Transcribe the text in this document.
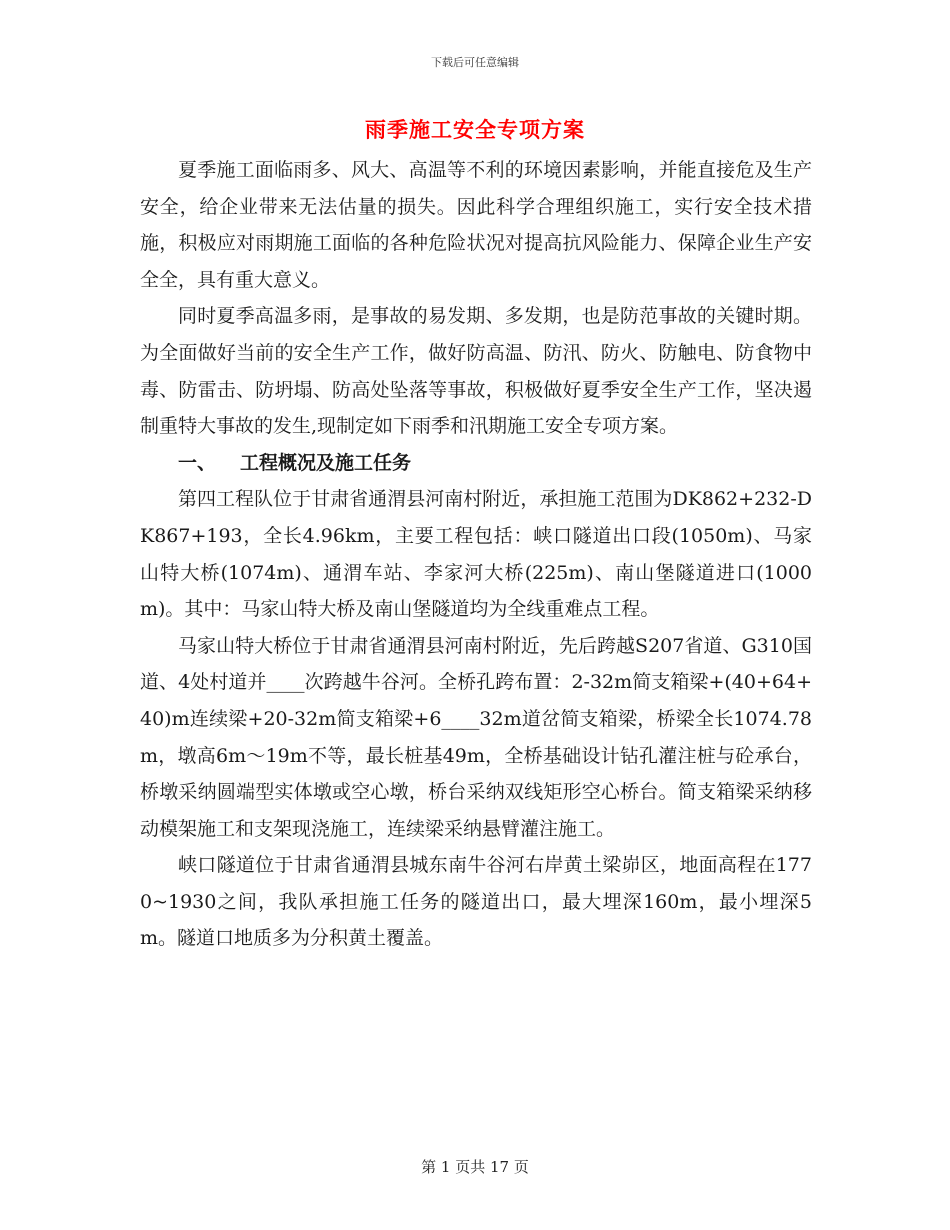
下载后可任意编辑
雨季施工安全专项方案

夏季施工面临雨多、风大、高温等不利的环境因素影响，并能直接危及生产安全，给企业带来无法估量的损失。因此科学合理组织施工，实行安全技术措施，积极应对雨期施工面临的各种危险状况对提高抗风险能力、保障企业生产安全全，具有重大意义。

同时夏季高温多雨，是事故的易发期、多发期，也是防范事故的关键时期。为全面做好当前的安全生产工作，做好防高温、防汛、防火、防触电、防食物中毒、防雷击、防坍塌、防高处坠落等事故，积极做好夏季安全生产工作，坚决遏制重特大事故的发生,现制定如下雨季和汛期施工安全专项方案。

一、 工程概况及施工任务

第四工程队位于甘肃省通渭县河南村附近，承担施工范围为DK862+232-DK867+193，全长4.96km，主要工程包括：峡口隧道出口段(1050m)、马家山特大桥(1074m)、通渭车站、李家河大桥(225m)、南山堡隧道进口(1000m)。其中：马家山特大桥及南山堡隧道均为全线重难点工程。

马家山特大桥位于甘肃省通渭县河南村附近，先后跨越S207省道、G310国道、4处村道并____次跨越牛谷河。全桥孔跨布置：2-32m简支箱梁+(40+64+40)m连续梁+20-32m简支箱梁+6____32m道岔简支箱梁，桥梁全长1074.78m，墩高6m～19m不等，最长桩基49m，全桥基础设计钻孔灌注桩与砼承台，桥墩采纳圆端型实体墩或空心墩，桥台采纳双线矩形空心桥台。简支箱梁采纳移动模架施工和支架现浇施工，连续梁采纳悬臂灌注施工。

峡口隧道位于甘肃省通渭县城东南牛谷河右岸黄土梁峁区，地面高程在1770~1930之间，我队承担施工任务的隧道出口，最大埋深160m，最小埋深5m。隧道口地质多为分积黄土覆盖。

第 1 页共 17 页
